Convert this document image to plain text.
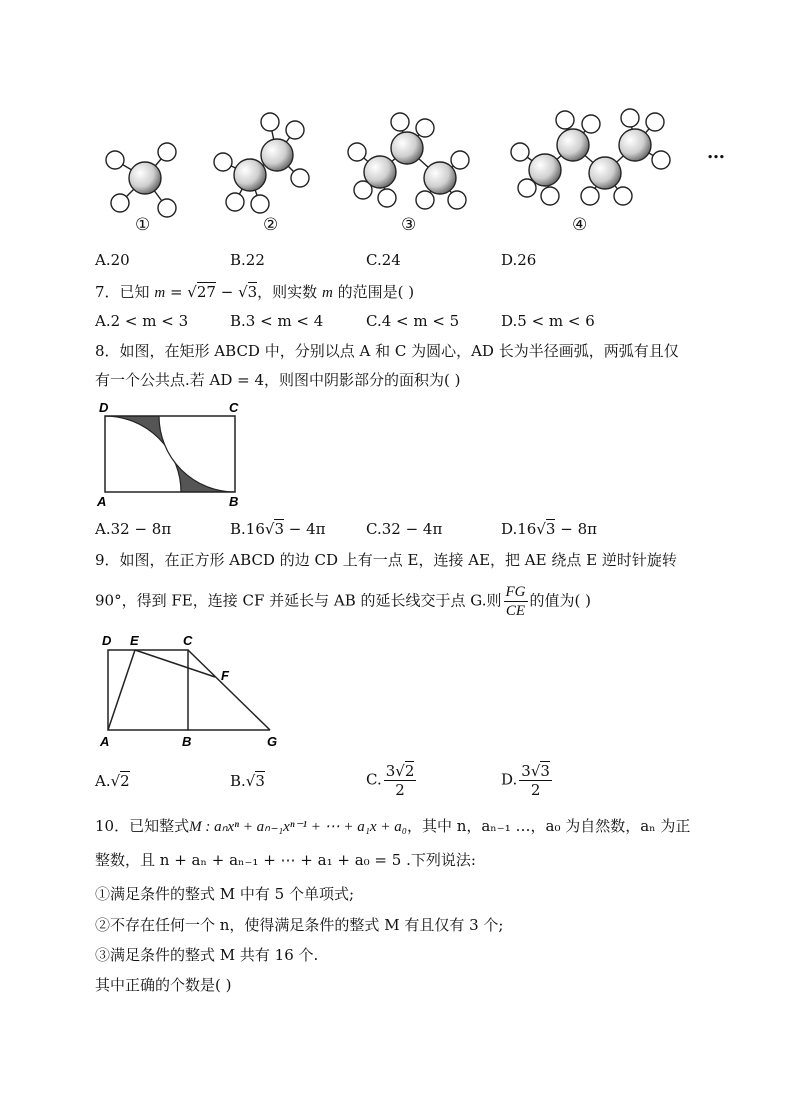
①	②	③	④
…
A.20	B.22	C.24	D.26
7．已知 m = √27 − √3，则实数 m 的范围是( )
A.2 < m < 3	B.3 < m < 4	C.4 < m < 5	D.5 < m < 6
8．如图，在矩形 ABCD 中，分别以点 A 和 C 为圆心，AD 长为半径画弧，两弧有且仅
有一个公共点.若 AD = 4，则图中阴影部分的面积为( )
D	C
A	B
A.32 − 8π	B.16√3 − 4π	C.32 − 4π	D.16√3 − 8π
9．如图，在正方形 ABCD 的边 CD 上有一点 E，连接 AE，把 AE 绕点 E 逆时针旋转
90°，得到 FE，连接 CF 并延长与 AB 的延长线交于点 G.则 $\frac{FG}{CE}$ 的值为( )
D E	C
F
A	B	G
A.√2	B.√3	C. $\frac{3√2}{2}$	D. $\frac{3√3}{2}$
10．已知整式M : aₙxⁿ + aₙ₋₁xⁿ⁻¹ + ⋯ + a₁x + a₀，其中 n，aₙ₋₁ …，a₀ 为自然数，aₙ 为正
整数，且 n + aₙ + aₙ₋₁ + ⋯ + a₁ + a₀ = 5 .下列说法:
①满足条件的整式 M 中有 5 个单项式;
②不存在任何一个 n，使得满足条件的整式 M 有且仅有 3 个;
③满足条件的整式 M 共有 16 个.
其中正确的个数是( )
